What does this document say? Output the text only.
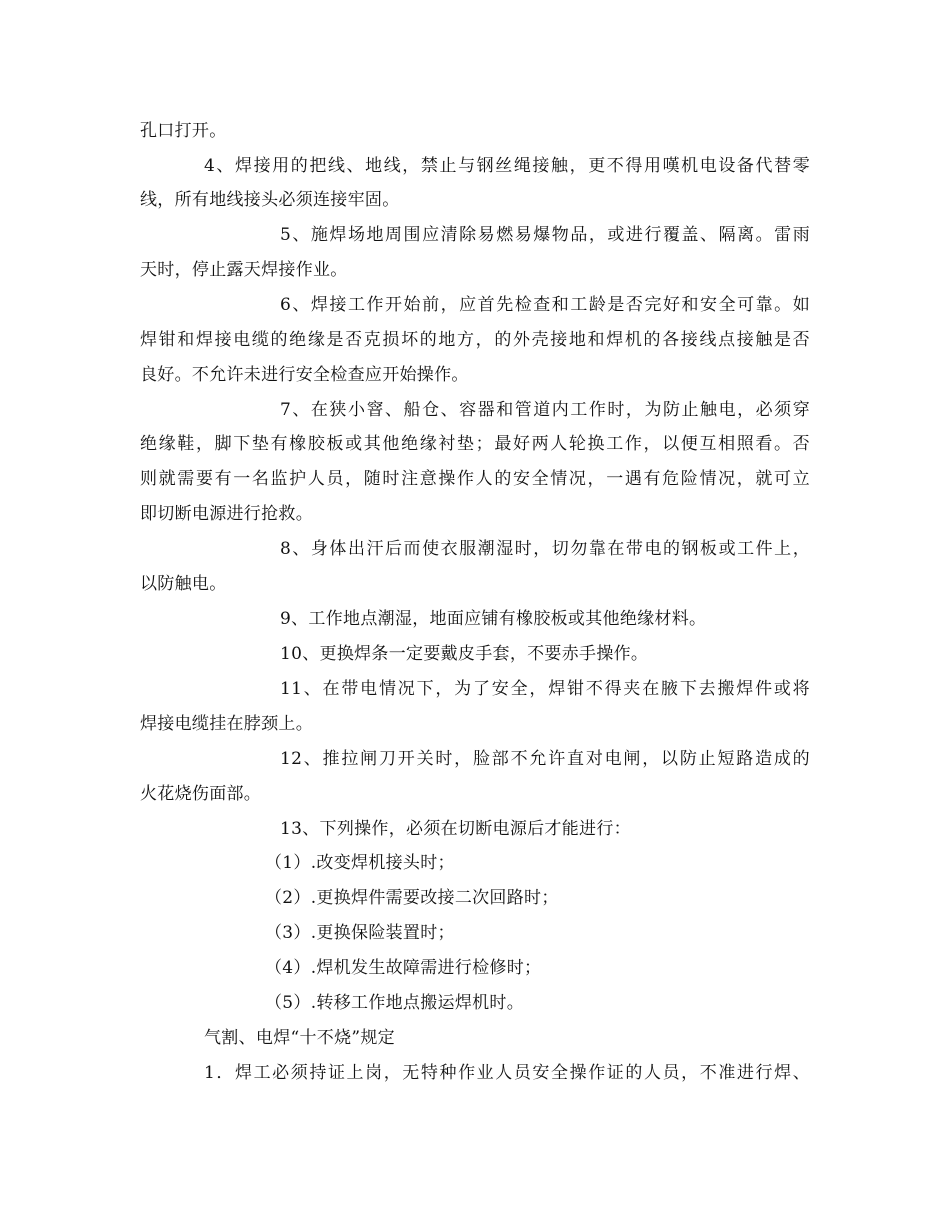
孔口打开。
4、焊接用的把线、地线，禁止与钢丝绳接触，更不得用嘆机电设备代替零
线，所有地线接头必须连接牢固。
5、施焊场地周围应清除易燃易爆物品，或进行覆盖、隔离。雷雨
天时，停止露天焊接作业。
6、焊接工作开始前，应首先检查和工龄是否完好和安全可靠。如
焊钳和焊接电缆的绝缘是否克损坏的地方，的外壳接地和焊机的各接线点接触是否
良好。不允许未进行安全检查应开始操作。
7、在狭小窨、船仓、容器和管道内工作时，为防止触电，必须穿
绝缘鞋，脚下垫有橡胶板或其他绝缘衬垫；最好两人轮换工作，以便互相照看。否
则就需要有一名监护人员，随时注意操作人的安全情况，一遇有危险情况，就可立
即切断电源进行抢救。
8、身体出汗后而使衣服潮湿时，切勿靠在带电的钢板或工件上，
以防触电。
9、工作地点潮湿，地面应铺有橡胶板或其他绝缘材料。
10、更换焊条一定要戴皮手套，不要赤手操作。
11、在带电情况下，为了安全，焊钳不得夹在腋下去搬焊件或将
焊接电缆挂在脖颈上。
12、推拉闸刀开关时，脸部不允许直对电闸，以防止短路造成的
火花烧伤面部。
13、下列操作，必须在切断电源后才能进行：
（1）.改变焊机接头时；
（2）.更换焊件需要改接二次回路时；
（3）.更换保险装置时；
（4）.焊机发生故障需进行检修时；
（5）.转移工作地点搬运焊机时。
气割、电焊“十不烧”规定
1．焊工必须持证上岗，无特种作业人员安全操作证的人员，不准进行焊、
